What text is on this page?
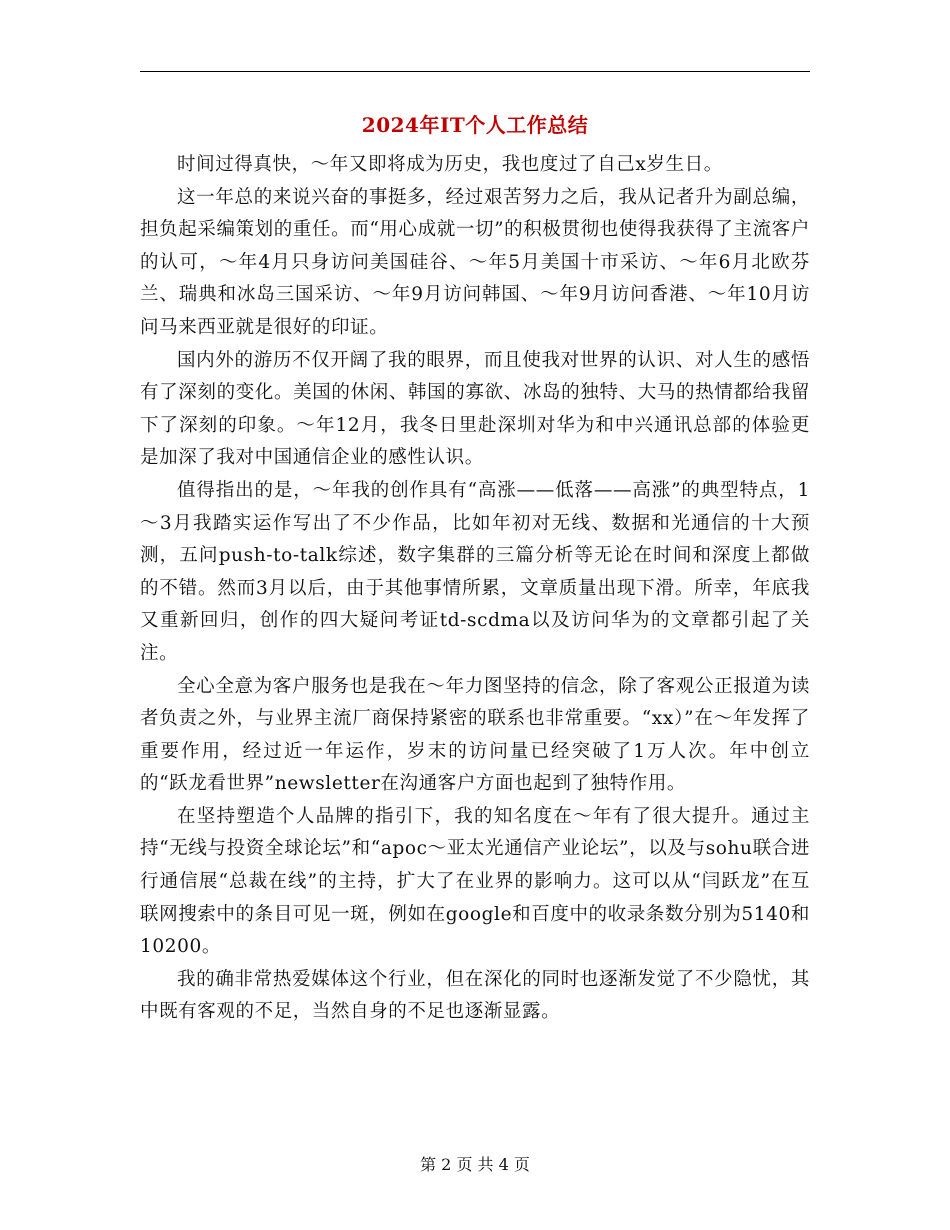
2024年IT个人工作总结

时间过得真快，～年又即将成为历史，我也度过了自己x岁生日。

这一年总的来说兴奋的事挺多，经过艰苦努力之后，我从记者升为副总编，担负起采编策划的重任。而“用心成就一切”的积极贯彻也使得我获得了主流客户的认可，～年4月只身访问美国硅谷、～年5月美国十市采访、～年6月北欧芬兰、瑞典和冰岛三国采访、～年9月访问韩国、～年9月访问香港、～年10月访问马来西亚就是很好的印证。

国内外的游历不仅开阔了我的眼界，而且使我对世界的认识、对人生的感悟有了深刻的变化。美国的休闲、韩国的寡欲、冰岛的独特、大马的热情都给我留下了深刻的印象。～年12月，我冬日里赴深圳对华为和中兴通讯总部的体验更是加深了我对中国通信企业的感性认识。

值得指出的是，～年我的创作具有“高涨——低落——高涨”的典型特点，1～3月我踏实运作写出了不少作品，比如年初对无线、数据和光通信的十大预测，五问push-to-talk综述，数字集群的三篇分析等无论在时间和深度上都做的不错。然而3月以后，由于其他事情所累，文章质量出现下滑。所幸，年底我又重新回归，创作的四大疑问考证td-scdma以及访问华为的文章都引起了关注。

全心全意为客户服务也是我在～年力图坚持的信念，除了客观公正报道为读者负责之外，与业界主流厂商保持紧密的联系也非常重要。“xx）”在～年发挥了重要作用，经过近一年运作，岁末的访问量已经突破了1万人次。年中创立的“跃龙看世界”newsletter在沟通客户方面也起到了独特作用。

在坚持塑造个人品牌的指引下，我的知名度在～年有了很大提升。通过主持“无线与投资全球论坛”和“apoc～亚太光通信产业论坛”，以及与sohu联合进行通信展“总裁在线”的主持，扩大了在业界的影响力。这可以从“闫跃龙”在互联网搜索中的条目可见一斑，例如在google和百度中的收录条数分别为5140和10200。

我的确非常热爱媒体这个行业，但在深化的同时也逐渐发觉了不少隐忧，其中既有客观的不足，当然自身的不足也逐渐显露。

第 2 页 共 4 页
